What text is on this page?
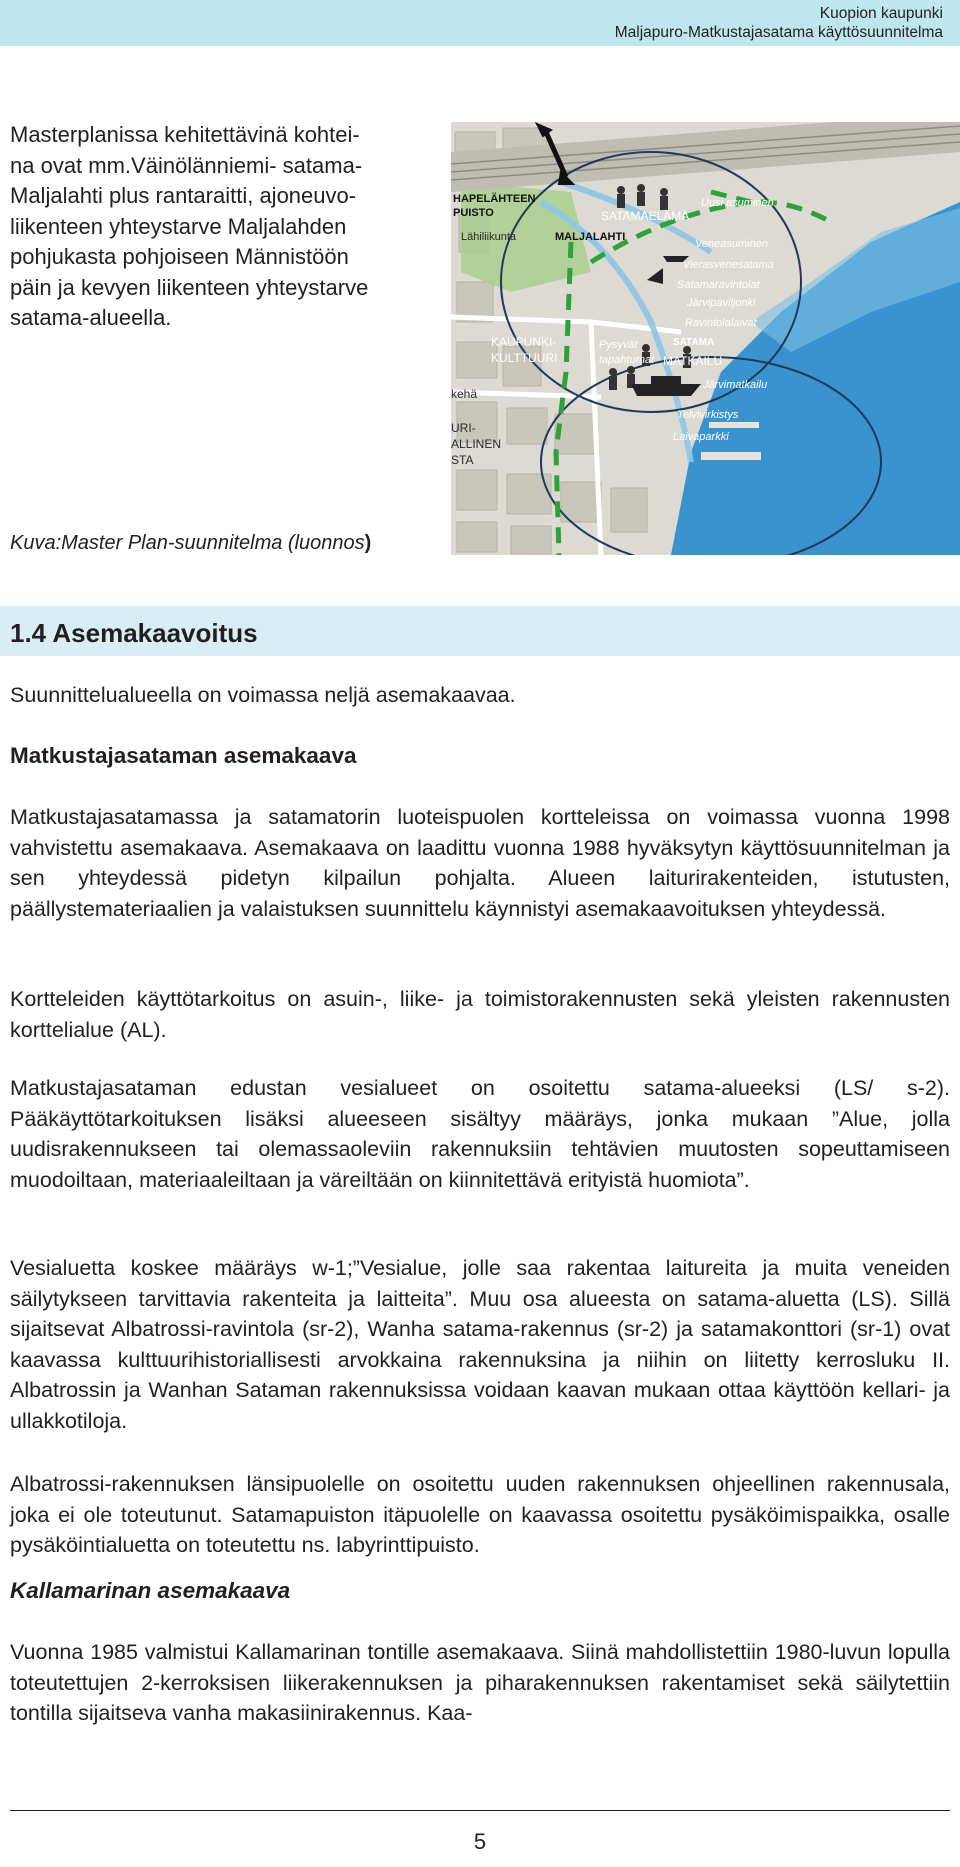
Kuopion kaupunki
Maljapuro-Matkustajasatama käyttösuunnitelma
Masterplanissa kehitettävinä kohtei-
na ovat mm.Väinölänniemi- satama-
Maljalahti plus rantaraitti, ajoneuvo-
liikenteen yhteystarve Maljalahden
pohjukasta pohjoiseen Männistöön
päin ja kevyen liikenteen yhteystarve
satama-alueella.
HAPELÄHTEEN
PUISTO
Lähiliikunta	MALJALAHTI
SATAMAELÄMÄ
Uusi asuminen
Veneasuminen
Vierasvenesatama
Satamaravintolat
Järvipaviljonki
Ravintolalaivat
KAUPUNKI-
KULTTUURI
Pysyvät
tapahtumat
SATAMA
MATKAILU
Järvimatkailu
Telvivirkistys
Laivaparkki
kehä
URI-
ALLINEN
STA
Kuva:Master Plan-suunnitelma (luonnos)
1.4 Asemakaavoitus
Suunnittelualueella on voimassa neljä asemakaavaa.
Matkustajasataman asemakaava
Matkustajasatamassa ja satamatorin luoteispuolen kortteleissa on voimassa vuonna 1998 vahvistettu asemakaava. Asemakaava on laadittu vuonna 1988 hyväksytyn käyttösuunnitelman ja sen yhteydessä pidetyn kilpailun pohjalta. Alueen laiturirakenteiden, istutusten, päällystemateriaalien ja valaistuksen suunnittelu käynnistyi asemakaavoituksen yhteydessä.
Kortteleiden käyttötarkoitus on asuin-, liike- ja toimistorakennusten sekä yleisten rakennusten korttelialue (AL).
Matkustajasataman edustan vesialueet on osoitettu satama-alueeksi (LS/ s-2). Pääkäyttötarkoituksen lisäksi alueeseen sisältyy määräys, jonka mukaan ”Alue, jolla uudisrakennukseen tai olemassaoleviin rakennuksiin tehtävien muutosten sopeuttamiseen muodoiltaan, materiaaleiltaan ja väreiltään on kiinnitettävä erityistä huomiota”.
Vesialuetta koskee määräys w-1;”Vesialue, jolle saa rakentaa laitureita ja muita veneiden säilytykseen tarvittavia rakenteita ja laitteita”. Muu osa alueesta on satama-aluetta (LS). Sillä sijaitsevat Albatrossi-ravintola (sr-2), Wanha satama-rakennus (sr-2) ja satamakonttori (sr-1) ovat kaavassa kulttuurihistoriallisesti arvokkaina rakennuksina ja niihin on liitetty kerrosluku II. Albatrossin ja Wanhan Sataman rakennuksissa voidaan kaavan mukaan ottaa käyttöön kellari- ja ullakkotiloja.
Albatrossi-rakennuksen länsipuolelle on osoitettu uuden rakennuksen ohjeellinen rakennusala, joka ei ole toteutunut. Satamapuiston itäpuolelle on kaavassa osoitettu pysäköimispaikka, osalle pysäköintialuetta on toteutettu ns. labyrinttipuisto.
Kallamarinan asemakaava
Vuonna 1985 valmistui Kallamarinan tontille asemakaava. Siinä mahdollistettiin 1980-luvun lopulla toteutettujen 2-kerroksisen liikerakennuksen ja piharakennuksen rakentamiset sekä säilytettiin tontilla sijaitseva vanha makasiinirakennus. Kaa-
5
